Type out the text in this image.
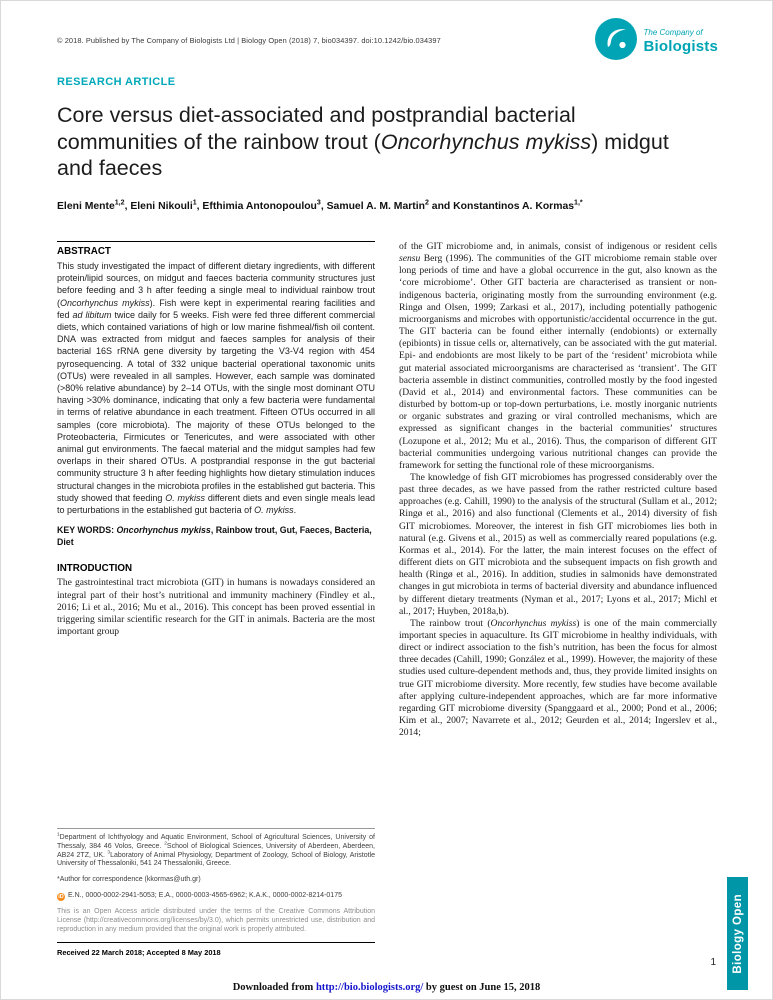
© 2018. Published by The Company of Biologists Ltd | Biology Open (2018) 7, bio034397. doi:10.1242/bio.034397
The Company of
Biologists
RESEARCH ARTICLE
Core versus diet-associated and postprandial bacterial communities of the rainbow trout (Oncorhynchus mykiss) midgut and faeces
Eleni Mente$^{1,2}$, Eleni Nikouli$^1$, Efthimia Antonopoulou$^3$, Samuel A. M. Martin$^2$ and Konstantinos A. Kormas$^{1,*}$
ABSTRACT

This study investigated the impact of different dietary ingredients, with different protein/lipid sources, on midgut and faeces bacteria community structures just before feeding and 3 h after feeding a single meal to individual rainbow trout (Oncorhynchus mykiss). Fish were kept in experimental rearing facilities and fed ad libitum twice daily for 5 weeks. Fish were fed three different commercial diets, which contained variations of high or low marine fishmeal/fish oil content. DNA was extracted from midgut and faeces samples for analysis of their bacterial 16S rRNA gene diversity by targeting the V3-V4 region with 454 pyrosequencing. A total of 332 unique bacterial operational taxonomic units (OTUs) were revealed in all samples. However, each sample was dominated (>80% relative abundance) by 2–14 OTUs, with the single most dominant OTU having >30% dominance, indicating that only a few bacteria were fundamental in terms of relative abundance in each treatment. Fifteen OTUs occurred in all samples (core microbiota). The majority of these OTUs belonged to the Proteobacteria, Firmicutes or Tenericutes, and were associated with other animal gut environments. The faecal material and the midgut samples had few overlaps in their shared OTUs. A postprandial response in the gut bacterial community structure 3 h after feeding highlights how dietary stimulation induces structural changes in the microbiota profiles in the established gut bacteria. This study showed that feeding O. mykiss different diets and even single meals lead to perturbations in the established gut bacteria of O. mykiss.

KEY WORDS: Oncorhynchus mykiss, Rainbow trout, Gut, Faeces, Bacteria, Diet

INTRODUCTION

The gastrointestinal tract microbiota (GIT) in humans is nowadays considered an integral part of their host’s nutritional and immunity machinery (Findley et al., 2016; Li et al., 2016; Mu et al., 2016). This concept has been proved essential in triggering similar scientific research for the GIT in animals. Bacteria are the most important group

$^1$Department of Ichthyology and Aquatic Environment, School of Agricultural Sciences, University of Thessaly, 384 46 Volos, Greece. $^2$School of Biological Sciences, University of Aberdeen, Aberdeen, AB24 2TZ, UK. $^3$Laboratory of Animal Physiology, Department of Zoology, School of Biology, Aristotle University of Thessaloniki, 541 24 Thessaloniki, Greece.

*Author for correspondence (kkormas@uth.gr)

iD E.N., 0000-0002-2941-5053; E.A., 0000-0003-4565-6962; K.A.K., 0000-0002-8214-0175

This is an Open Access article distributed under the terms of the Creative Commons Attribution License (http://creativecommons.org/licenses/by/3.0), which permits unrestricted use, distribution and reproduction in any medium provided that the original work is properly attributed.

Received 22 March 2018; Accepted 8 May 2018

of the GIT microbiome and, in animals, consist of indigenous or resident cells sensu Berg (1996). The communities of the GIT microbiome remain stable over long periods of time and have a global occurrence in the gut, also known as the ‘core microbiome’. Other GIT bacteria are characterised as transient or non-indigenous bacteria, originating mostly from the surrounding environment (e.g. Ringø and Olsen, 1999; Zarkasi et al., 2017), including potentially pathogenic microorganisms and microbes with opportunistic/accidental occurrence in the gut. The GIT bacteria can be found either internally (endobionts) or externally (epibionts) in tissue cells or, alternatively, can be associated with the gut material. Epi- and endobionts are most likely to be part of the ‘resident’ microbiota while gut material associated microorganisms are characterised as ‘transient’. The GIT bacteria assemble in distinct communities, controlled mostly by the food ingested (David et al., 2014) and environmental factors. These communities can be disturbed by bottom-up or top-down perturbations, i.e. mostly inorganic nutrients or organic substrates and grazing or viral controlled mechanisms, which are expressed as significant changes in the bacterial communities’ structures (Lozupone et al., 2012; Mu et al., 2016). Thus, the comparison of different GIT bacterial communities undergoing various nutritional changes can provide the framework for setting the functional role of these microorganisms.

The knowledge of fish GIT microbiomes has progressed considerably over the past three decades, as we have passed from the rather restricted culture based approaches (e.g. Cahill, 1990) to the analysis of the structural (Sullam et al., 2012; Ringø et al., 2016) and also functional (Clements et al., 2014) diversity of fish GIT microbiomes. Moreover, the interest in fish GIT microbiomes lies both in natural (e.g. Givens et al., 2015) as well as commercially reared populations (e.g. Kormas et al., 2014). For the latter, the main interest focuses on the effect of different diets on GIT microbiota and the subsequent impacts on fish growth and health (Ringø et al., 2016). In addition, studies in salmonids have demonstrated changes in gut microbiota in terms of bacterial diversity and abundance influenced by different dietary treatments (Nyman et al., 2017; Lyons et al., 2017; Michl et al., 2017; Huyben, 2018a,b).

The rainbow trout (Oncorhynchus mykiss) is one of the main commercially important species in aquaculture. Its GIT microbiome in healthy individuals, with direct or indirect association to the fish’s nutrition, has been the focus for almost three decades (Cahill, 1990; González et al., 1999). However, the majority of these studies used culture-dependent methods and, thus, they provide limited insights on true GIT microbiome diversity. More recently, few studies have become available after applying culture-independent approaches, which are far more informative regarding GIT microbiome diversity (Spanggaard et al., 2000; Pond et al., 2006; Kim et al., 2007; Navarrete et al., 2012; Geurden et al., 2014; Ingerslev et al., 2014;

Biology Open
1
Downloaded from http://bio.biologists.org/ by guest on June 15, 2018
